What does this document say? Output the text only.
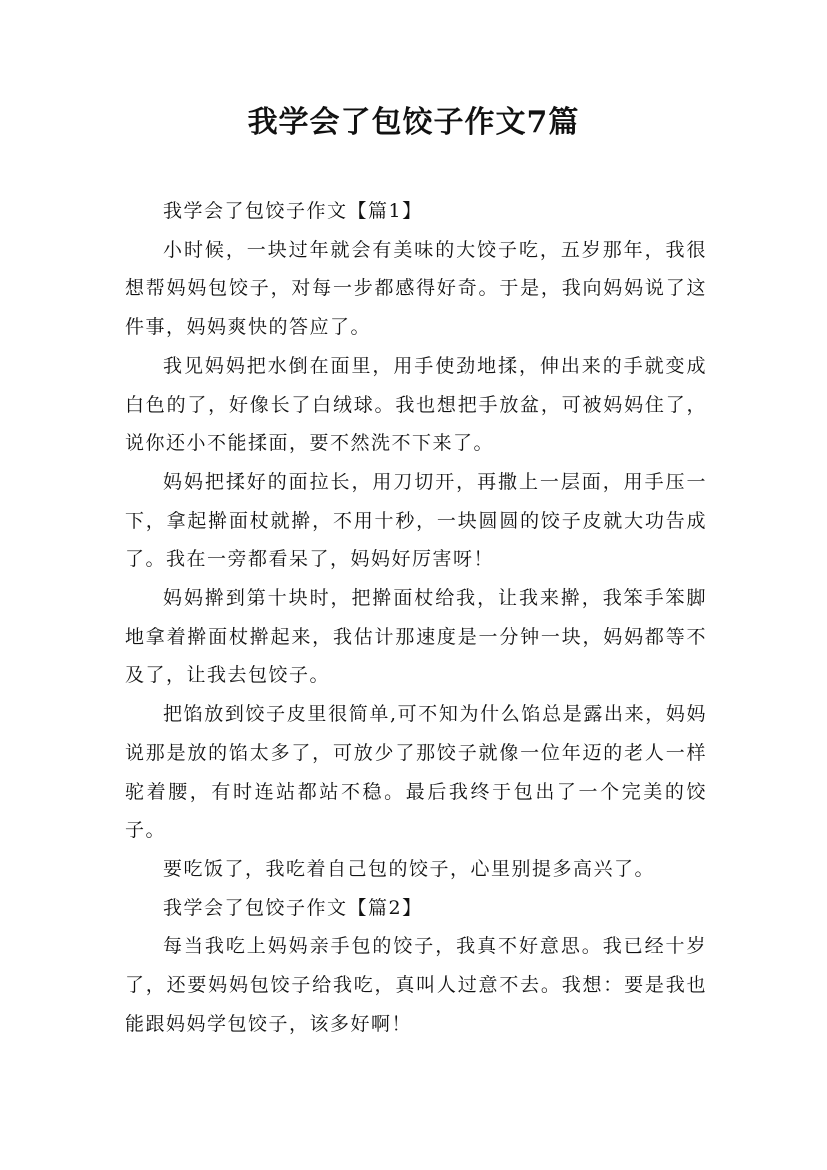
我学会了包饺子作文7篇

我学会了包饺子作文【篇1】

小时候，一块过年就会有美味的大饺子吃，五岁那年，我很想帮妈妈包饺子，对每一步都感得好奇。于是，我向妈妈说了这件事，妈妈爽快的答应了。

我见妈妈把水倒在面里，用手使劲地揉，伸出来的手就变成白色的了，好像长了白绒球。我也想把手放盆，可被妈妈住了，说你还小不能揉面，要不然洗不下来了。

妈妈把揉好的面拉长，用刀切开，再撒上一层面，用手压一下，拿起擀面杖就擀，不用十秒，一块圆圆的饺子皮就大功告成了。我在一旁都看呆了，妈妈好厉害呀！

妈妈擀到第十块时，把擀面杖给我，让我来擀，我笨手笨脚地拿着擀面杖擀起来，我估计那速度是一分钟一块，妈妈都等不及了，让我去包饺子。

把馅放到饺子皮里很简单,可不知为什么馅总是露出来，妈妈说那是放的馅太多了，可放少了那饺子就像一位年迈的老人一样驼着腰，有时连站都站不稳。最后我终于包出了一个完美的饺子。

要吃饭了，我吃着自己包的饺子，心里别提多高兴了。

我学会了包饺子作文【篇2】

每当我吃上妈妈亲手包的饺子，我真不好意思。我已经十岁了，还要妈妈包饺子给我吃，真叫人过意不去。我想：要是我也能跟妈妈学包饺子，该多好啊！
